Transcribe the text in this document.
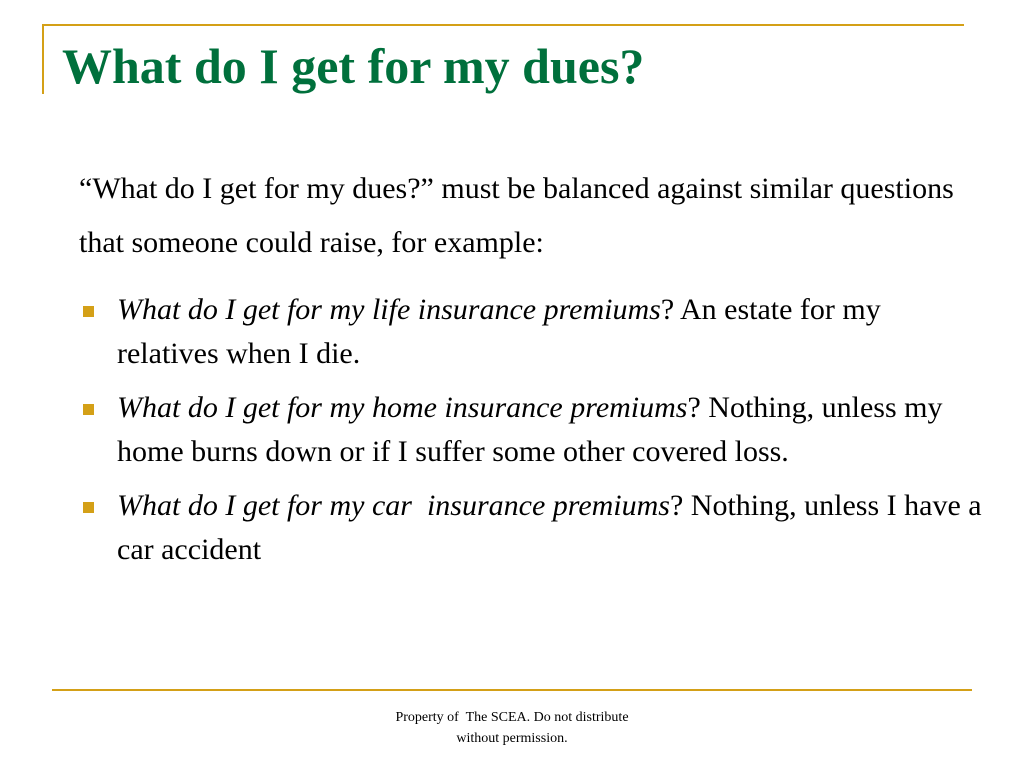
What do I get for my dues?

“What do I get for my dues?” must be balanced against similar questions that someone could raise, for example:

What do I get for my life insurance premiums? An estate for my relatives when I die.
What do I get for my home insurance premiums? Nothing, unless my home burns down or if I suffer some other covered loss.
What do I get for my car  insurance premiums? Nothing, unless I have a car accident
Property of  The SCEA. Do not distribute
without permission.
